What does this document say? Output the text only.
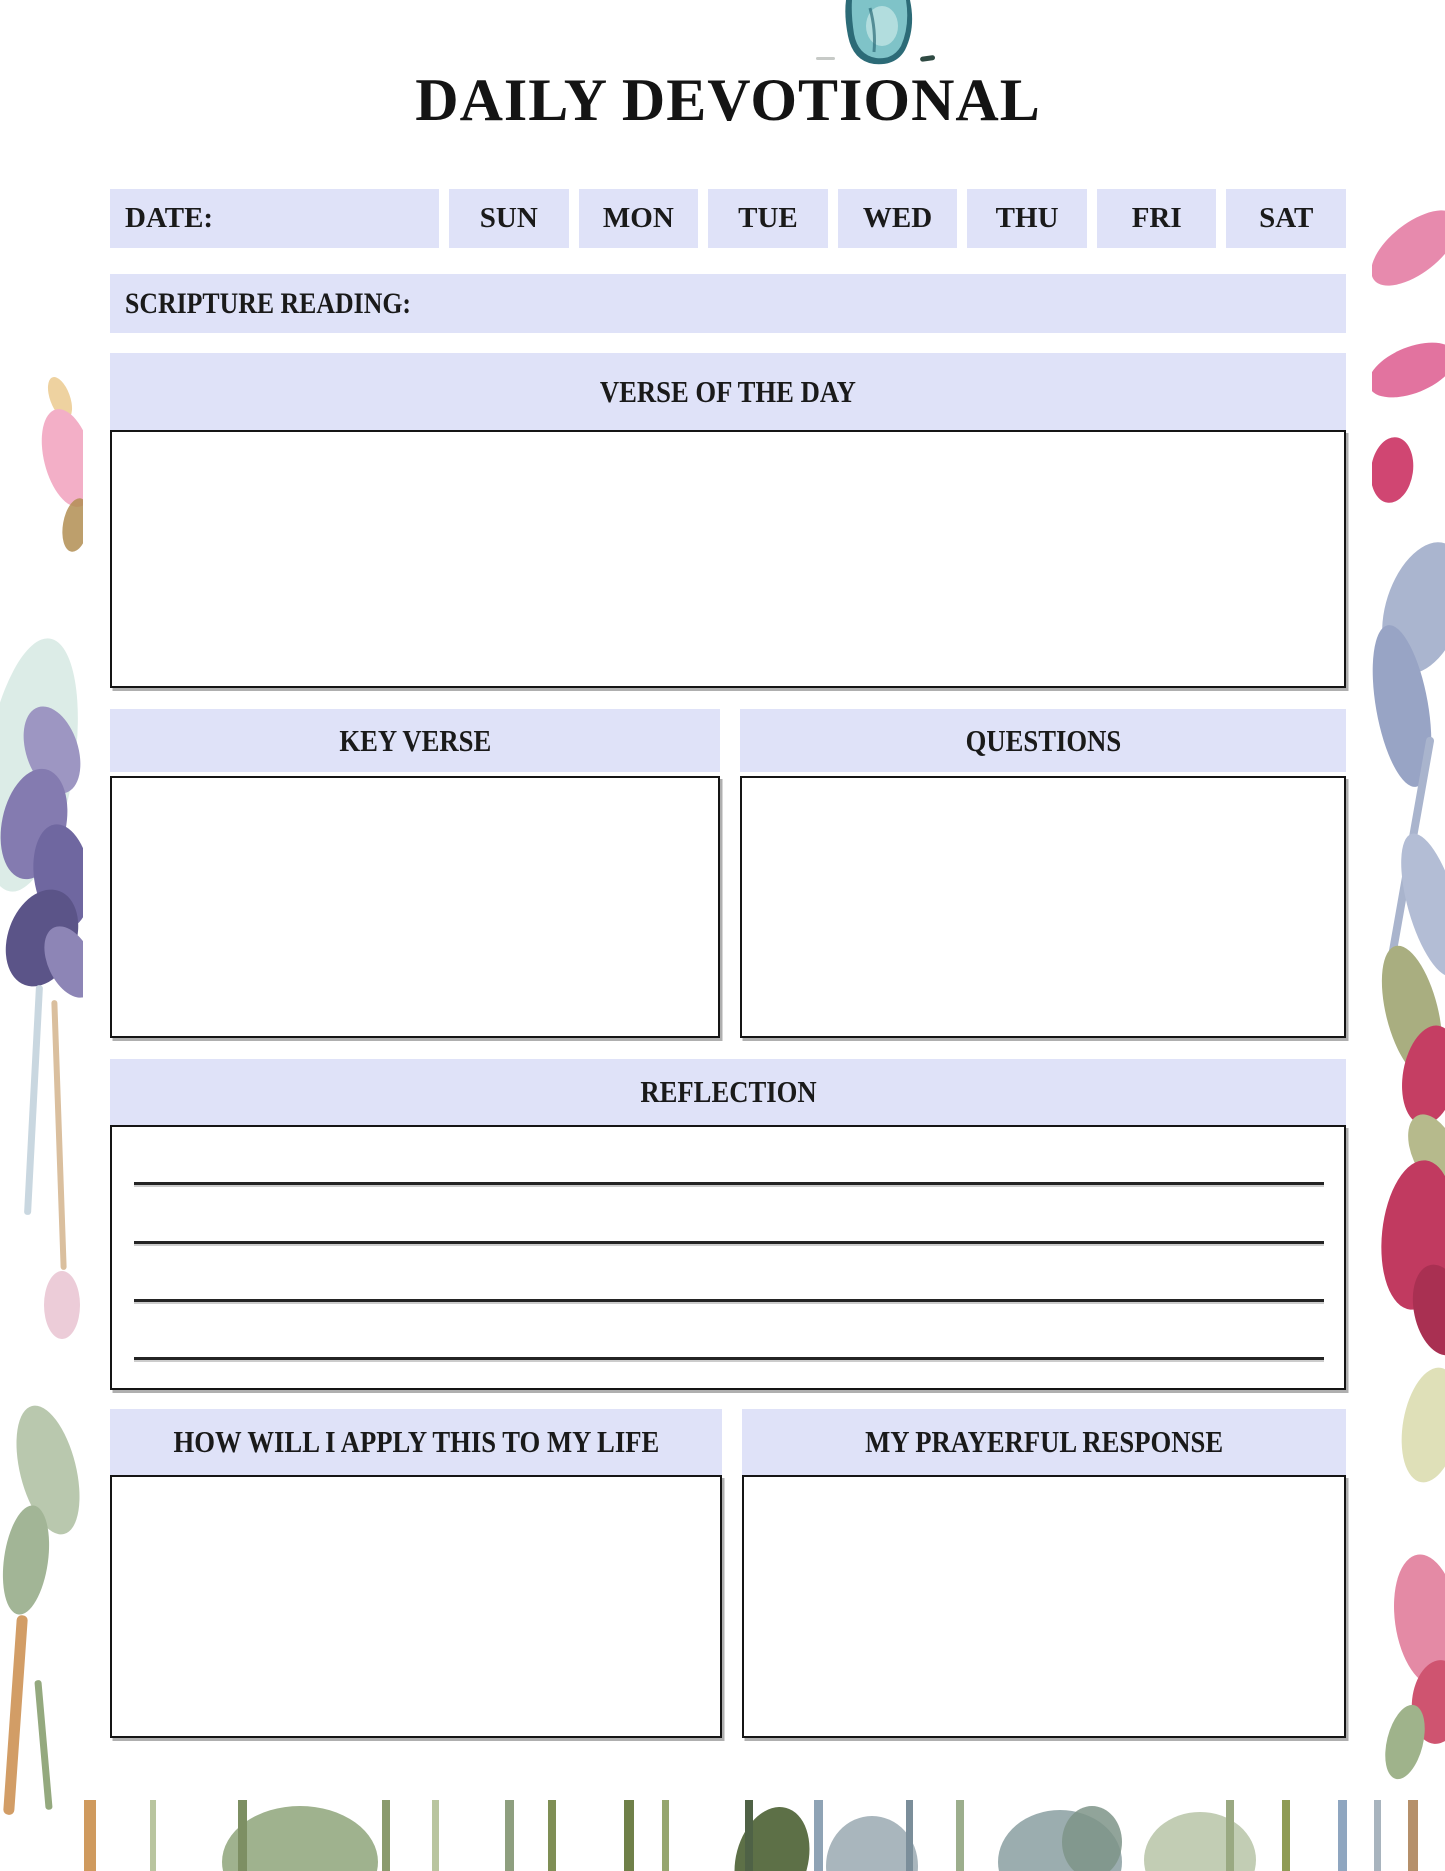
DAILY DEVOTIONAL
DATE:	SUN MON TUE WED THU	FRI	SAT
SCRIPTURE READING:
VERSE OF THE DAY
KEY VERSE	QUESTIONS
REFLECTION
HOW WILL I APPLY THIS TO MY LIFE	MY PRAYERFUL RESPONSE
